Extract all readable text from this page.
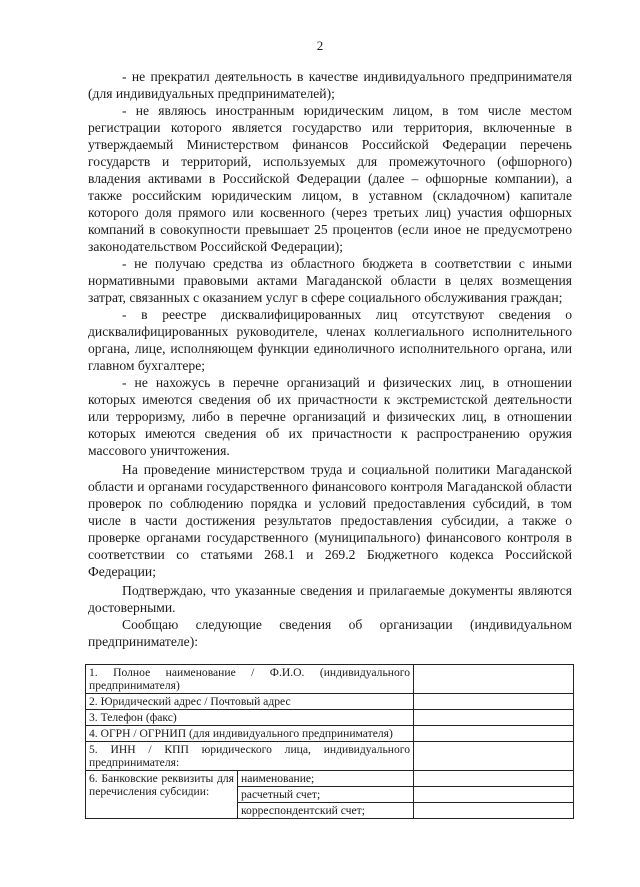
2

- не прекратил деятельность в качестве индивидуального предпринимателя (для индивидуальных предпринимателей);

- не являюсь иностранным юридическим лицом, в том числе местом регистрации которого является государство или территория, включенные в утверждаемый Министерством финансов Российской Федерации перечень государств и территорий, используемых для промежуточного (офшорного) владения активами в Российской Федерации (далее – офшорные компании), а также российским юридическим лицом, в уставном (складочном) капитале которого доля прямого или косвенного (через третьих лиц) участия офшорных компаний в совокупности превышает 25 процентов (если иное не предусмотрено законодательством Российской Федерации);

- не получаю средства из областного бюджета в соответствии с иными нормативными правовыми актами Магаданской области в целях возмещения затрат, связанных с оказанием услуг в сфере социального обслуживания граждан;

- в реестре дисквалифицированных лиц отсутствуют сведения о дисквалифицированных руководителе, членах коллегиального исполнительного органа, лице, исполняющем функции единоличного исполнительного органа, или главном бухгалтере;

- не нахожусь в перечне организаций и физических лиц, в отношении которых имеются сведения об их причастности к экстремистской деятельности или терроризму, либо в перечне организаций и физических лиц, в отношении которых имеются сведения об их причастности к распространению оружия массового уничтожения.

На проведение министерством труда и социальной политики Магаданской области и органами государственного финансового контроля Магаданской области проверок по соблюдению порядка и условий предоставления субсидий, в том числе в части достижения результатов предоставления субсидии, а также о проверке органами государственного (муниципального) финансового контроля в соответствии со статьями 268.1 и 269.2 Бюджетного кодекса Российской Федерации;

Подтверждаю, что указанные сведения и прилагаемые документы являются достоверными.

Сообщаю следующие сведения об организации (индивидуальном предпринимателе):

1. Полное наименование / Ф.И.О. (индивидуального предпринимателя)		
2. Юридический адрес / Почтовый адрес		
3. Телефон (факс)		
4. ОГРН / ОГРНИП (для индивидуального предпринимателя)		
5. ИНН / КПП юридического лица, индивидуального предпринимателя:		
6. Банковские реквизиты для перечисления субсидии:	наименование;	
	расчетный счет;	
	корреспондентский счет;	
